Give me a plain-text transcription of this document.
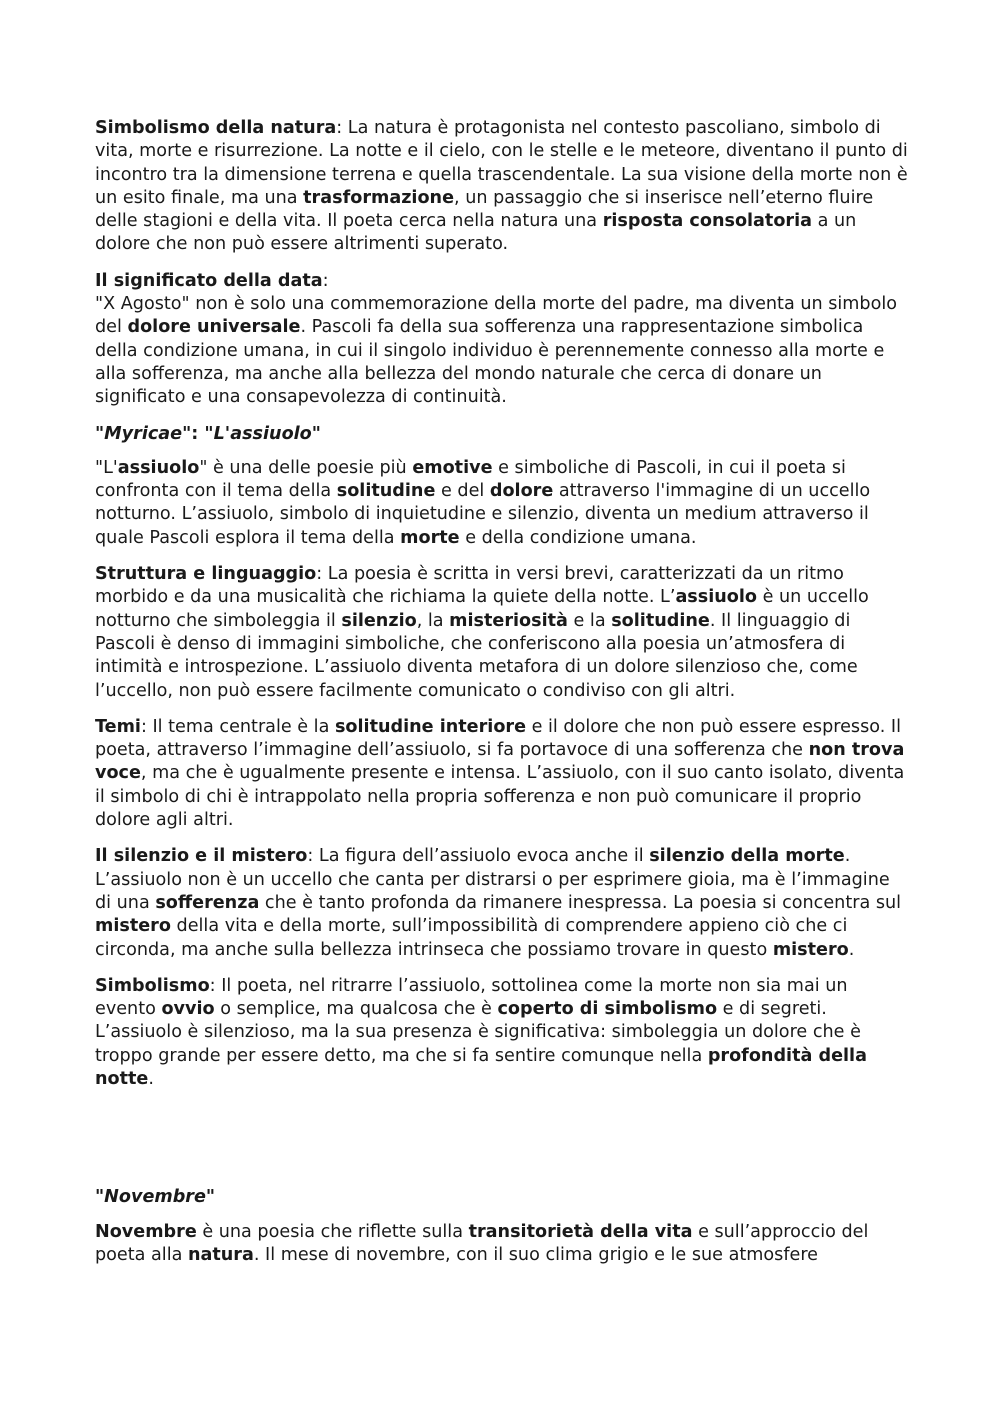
Simbolismo della natura: La natura è protagonista nel contesto pascoliano, simbolo di vita, morte e risurrezione. La notte e il cielo, con le stelle e le meteore, diventano il punto di incontro tra la dimensione terrena e quella trascendentale. La sua visione della morte non è un esito finale, ma una trasformazione, un passaggio che si inserisce nell’eterno fluire delle stagioni e della vita. Il poeta cerca nella natura una risposta consolatoria a un dolore che non può essere altrimenti superato.

Il significato della data:
"X Agosto" non è solo una commemorazione della morte del padre, ma diventa un simbolo del dolore universale. Pascoli fa della sua sofferenza una rappresentazione simbolica della condizione umana, in cui il singolo individuo è perennemente connesso alla morte e alla sofferenza, ma anche alla bellezza del mondo naturale che cerca di donare un significato e una consapevolezza di continuità.

"Myricae": "L'assiuolo"

"L'assiuolo" è una delle poesie più emotive e simboliche di Pascoli, in cui il poeta si confronta con il tema della solitudine e del dolore attraverso l'immagine di un uccello notturno. L’assiuolo, simbolo di inquietudine e silenzio, diventa un medium attraverso il quale Pascoli esplora il tema della morte e della condizione umana.

Struttura e linguaggio: La poesia è scritta in versi brevi, caratterizzati da un ritmo morbido e da una musicalità che richiama la quiete della notte. L’assiuolo è un uccello notturno che simboleggia il silenzio, la misteriosità e la solitudine. Il linguaggio di Pascoli è denso di immagini simboliche, che conferiscono alla poesia un’atmosfera di intimità e introspezione. L’assiuolo diventa metafora di un dolore silenzioso che, come l’uccello, non può essere facilmente comunicato o condiviso con gli altri.

Temi: Il tema centrale è la solitudine interiore e il dolore che non può essere espresso. Il poeta, attraverso l’immagine dell’assiuolo, si fa portavoce di una sofferenza che non trova voce, ma che è ugualmente presente e intensa. L’assiuolo, con il suo canto isolato, diventa il simbolo di chi è intrappolato nella propria sofferenza e non può comunicare il proprio dolore agli altri.

Il silenzio e il mistero: La figura dell’assiuolo evoca anche il silenzio della morte. L’assiuolo non è un uccello che canta per distrarsi o per esprimere gioia, ma è l’immagine di una sofferenza che è tanto profonda da rimanere inespressa. La poesia si concentra sul mistero della vita e della morte, sull’impossibilità di comprendere appieno ciò che ci circonda, ma anche sulla bellezza intrinseca che possiamo trovare in questo mistero.

Simbolismo: Il poeta, nel ritrarre l’assiuolo, sottolinea come la morte non sia mai un evento ovvio o semplice, ma qualcosa che è coperto di simbolismo e di segreti. L’assiuolo è silenzioso, ma la sua presenza è significativa: simboleggia un dolore che è troppo grande per essere detto, ma che si fa sentire comunque nella profondità della notte.

"Novembre"

Novembre è una poesia che riflette sulla transitorietà della vita e sull’approccio del poeta alla natura. Il mese di novembre, con il suo clima grigio e le sue atmosfere
